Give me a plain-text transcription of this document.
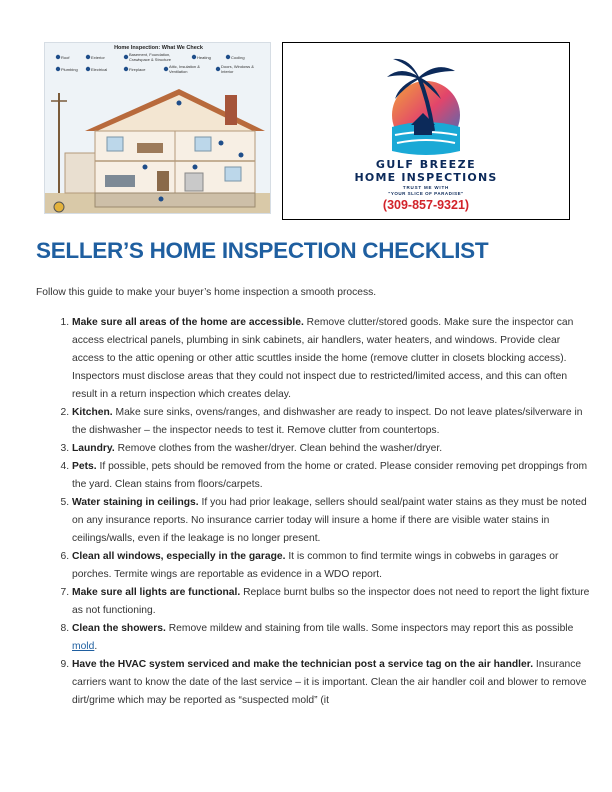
Home Inspection: What We Check
Roof	Exterior
Basement, Foundation, Crawlspace & Structure	Heating	Cooling
Plumbing	Electrical	Fireplace
Attic, Insulation & Ventilation
Doors, Windows & Interior
GULF BREEZE
HOME INSPECTIONS
TRUST ME WITH
"YOUR SLICE OF PARADISE"
(309-857-9321)
SELLER’S HOME INSPECTION CHECKLIST
Follow this guide to make your buyer’s home inspection a smooth process.
1. Make sure all areas of the home are accessible. Remove clutter/stored goods. Make sure the inspector can access electrical panels, plumbing in sink cabinets, air handlers, water heaters, and windows. Provide clear access to the attic opening or other attic scuttles inside the home (remove clutter in closets blocking access). Inspectors must disclose areas that they could not inspect due to restricted/limited access, and this can often result in a return inspection which creates delay.
2. Kitchen. Make sure sinks, ovens/ranges, and dishwasher are ready to inspect. Do not leave plates/silverware in the dishwasher – the inspector needs to test it. Remove clutter from countertops.
3. Laundry. Remove clothes from the washer/dryer. Clean behind the washer/dryer.
4. Pets. If possible, pets should be removed from the home or crated. Please consider removing pet droppings from the yard. Clean stains from floors/carpets.
5. Water staining in ceilings. If you had prior leakage, sellers should seal/paint water stains as they must be noted on any insurance reports. No insurance carrier today will insure a home if there are visible water stains in ceilings/walls, even if the leakage is no longer present.
6. Clean all windows, especially in the garage. It is common to find termite wings in cobwebs in garages or porches. Termite wings are reportable as evidence in a WDO report.
7. Make sure all lights are functional. Replace burnt bulbs so the inspector does not need to report the light fixture as not functioning.
8. Clean the showers. Remove mildew and staining from tile walls. Some inspectors may report this as possible mold.
9. Have the HVAC system serviced and make the technician post a service tag on the air handler. Insurance carriers want to know the date of the last service – it is important. Clean the air handler coil and blower to remove dirt/grime which may be reported as “suspected mold” (it
